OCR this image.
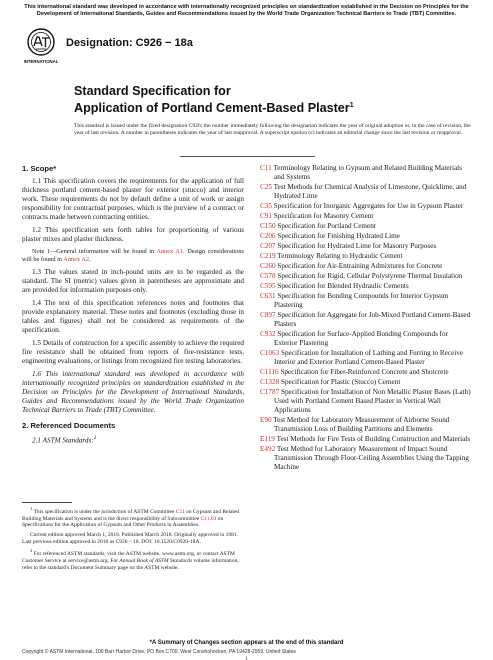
This international standard was developed in accordance with internationally recognized principles on standardization established in the Decision on Principles for the Development of International Standards, Guides and Recommendations issued by the World Trade Organization Technical Barriers to Trade (TBT) Committee.
INTERNATIONAL
Designation: C926 − 18a
Standard Specification for
Application of Portland Cement-Based Plaster$^1$
This standard is issued under the fixed designation C926; the number immediately following the designation indicates the year of original adoption or, in the case of revision, the year of last revision. A number in parentheses indicates the year of last reapproval. A superscript epsilon (ε) indicates an editorial change since the last revision or reapproval.
1. Scope*

1.1 This specification covers the requirements for the application of full thickness portland cement-based plaster for exterior (stucco) and interior work. These requirements do not by default define a unit of work or assign responsibility for contractual purposes, which is the purview of a contract or contracts made between contracting entities.

1.2 This specification sets forth tables for proportioning of various plaster mixes and plaster thickness.

Note 1—General information will be found in Annex A1. Design considerations will be found in Annex A2.

1.3 The values stated in inch-pound units are to be regarded as the standard. The SI (metric) values given in parentheses are approximate and are provided for information purposes only.

1.4 The text of this specification references notes and footnotes that provide explanatory material. These notes and footnotes (excluding those in tables and figures) shall not be considered as requirements of the specification.

1.5 Details of construction for a specific assembly to achieve the required fire resistance shall be obtained from reports of fire-resistance tests, engineering evaluations, or listings from recognized fire testing laboratories.

1.6 This international standard was developed in accordance with internationally recognized principles on standardization established in the Decision on Principles for the Development of International Standards, Guides and Recommendations issued by the World Trade Organization Technical Barriers to Trade (TBT) Committee.

2. Referenced Documents

2.1 ASTM Standards:$^2$

C11 Terminology Relating to Gypsum and Related Building Materials and Systems
C25 Test Methods for Chemical Analysis of Limestone, Quicklime, and Hydrated Lime
C35 Specification for Inorganic Aggregates for Use in Gypsum Plaster
C91 Specification for Masonry Cement
C150 Specification for Portland Cement
C206 Specification for Finishing Hydrated Lime
C207 Specification for Hydrated Lime for Masonry Purposes
C219 Terminology Relating to Hydraulic Cement
C260 Specification for Air-Entraining Admixtures for Concrete
C578 Specification for Rigid, Cellular Polystyrene Thermal Insulation
C595 Specification for Blended Hydraulic Cements
C631 Specification for Bonding Compounds for Interior Gypsum Plastering
C897 Specification for Aggregate for Job-Mixed Portland Cement-Based Plasters
C932 Specification for Surface-Applied Bonding Compounds for Exterior Plastering
C1063 Specification for Installation of Lathing and Furring to Receive Interior and Exterior Portland Cement-Based Plaster
C1116 Specification for Fiber-Reinforced Concrete and Shotcrete
C1328 Specification for Plastic (Stucco) Cement
C1787 Specification for Installation of Non Metallic Plaster Bases (Lath) Used with Portland Cement Based Plaster in Vertical Wall Applications
E90 Test Method for Laboratory Measurement of Airborne Sound Transmission Loss of Building Partitions and Elements
E119 Test Methods for Fire Tests of Building Construction and Materials
E492 Test Method for Laboratory Measurement of Impact Sound Transmission Through Floor-Ceiling Assemblies Using the Tapping Machine

$^1$ This specification is under the jurisdiction of ASTM Committee C11 on Gypsum and Related Building Materials and Systems and is the direct responsibility of Subcommittee C11.03 on Specifications for the Application of Gypsum and Other Products in Assemblies.

Current edition approved March 1, 2018. Published March 2018. Originally approved in 1981. Last previous edition approved in 2018 as C926 – 18. DOI: 10.1520/C0926-18A.

$^2$ For referenced ASTM standards, visit the ASTM website, www.astm.org, or contact ASTM Customer Service at service@astm.org. For Annual Book of ASTM Standards volume information, refer to the standard's Document Summary page on the ASTM website.

*A Summary of Changes section appears at the end of this standard
Copyright © ASTM International, 100 Barr Harbor Drive, PO Box C700, West Conshohocken, PA 19428-2959. United States
1
